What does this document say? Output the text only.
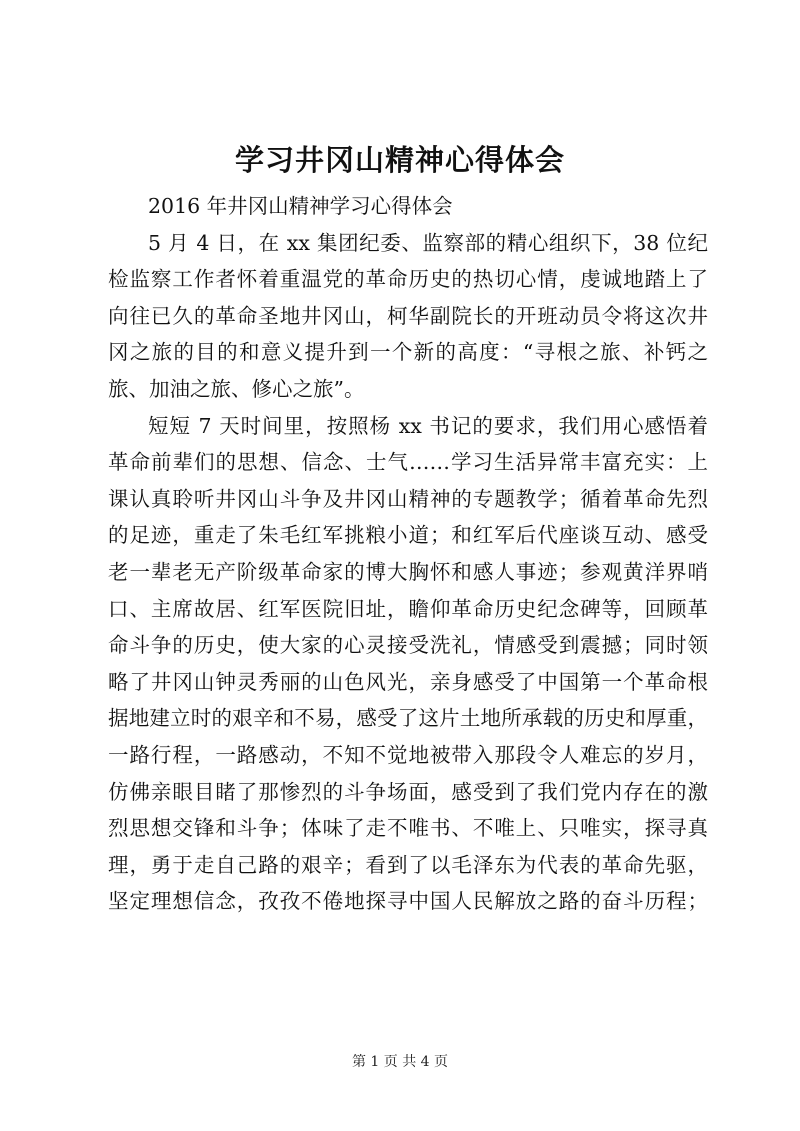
学习井冈山精神心得体会
2016 年井冈山精神学习心得体会
5 月 4 日，在 xx 集团纪委、监察部的精心组织下，38 位纪
检监察工作者怀着重温党的革命历史的热切心情，虔诚地踏上了
向往已久的革命圣地井冈山，柯华副院长的开班动员令将这次井
冈之旅的目的和意义提升到一个新的高度：“寻根之旅、补钙之
旅、加油之旅、修心之旅”。
短短 7 天时间里，按照杨 xx 书记的要求，我们用心感悟着
革命前辈们的思想、信念、士气……学习生活异常丰富充实：上
课认真聆听井冈山斗争及井冈山精神的专题教学；循着革命先烈
的足迹，重走了朱毛红军挑粮小道；和红军后代座谈互动、感受
老一辈老无产阶级革命家的博大胸怀和感人事迹；参观黄洋界哨
口、主席故居、红军医院旧址，瞻仰革命历史纪念碑等，回顾革
命斗争的历史，使大家的心灵接受洗礼，情感受到震撼；同时领
略了井冈山钟灵秀丽的山色风光，亲身感受了中国第一个革命根
据地建立时的艰辛和不易，感受了这片土地所承载的历史和厚重，
一路行程，一路感动，不知不觉地被带入那段令人难忘的岁月，
仿佛亲眼目睹了那惨烈的斗争场面，感受到了我们党内存在的激
烈思想交锋和斗争；体味了走不唯书、不唯上、只唯实，探寻真
理，勇于走自己路的艰辛；看到了以毛泽东为代表的革命先驱，
坚定理想信念，孜孜不倦地探寻中国人民解放之路的奋斗历程；
第 1 页 共 4 页
